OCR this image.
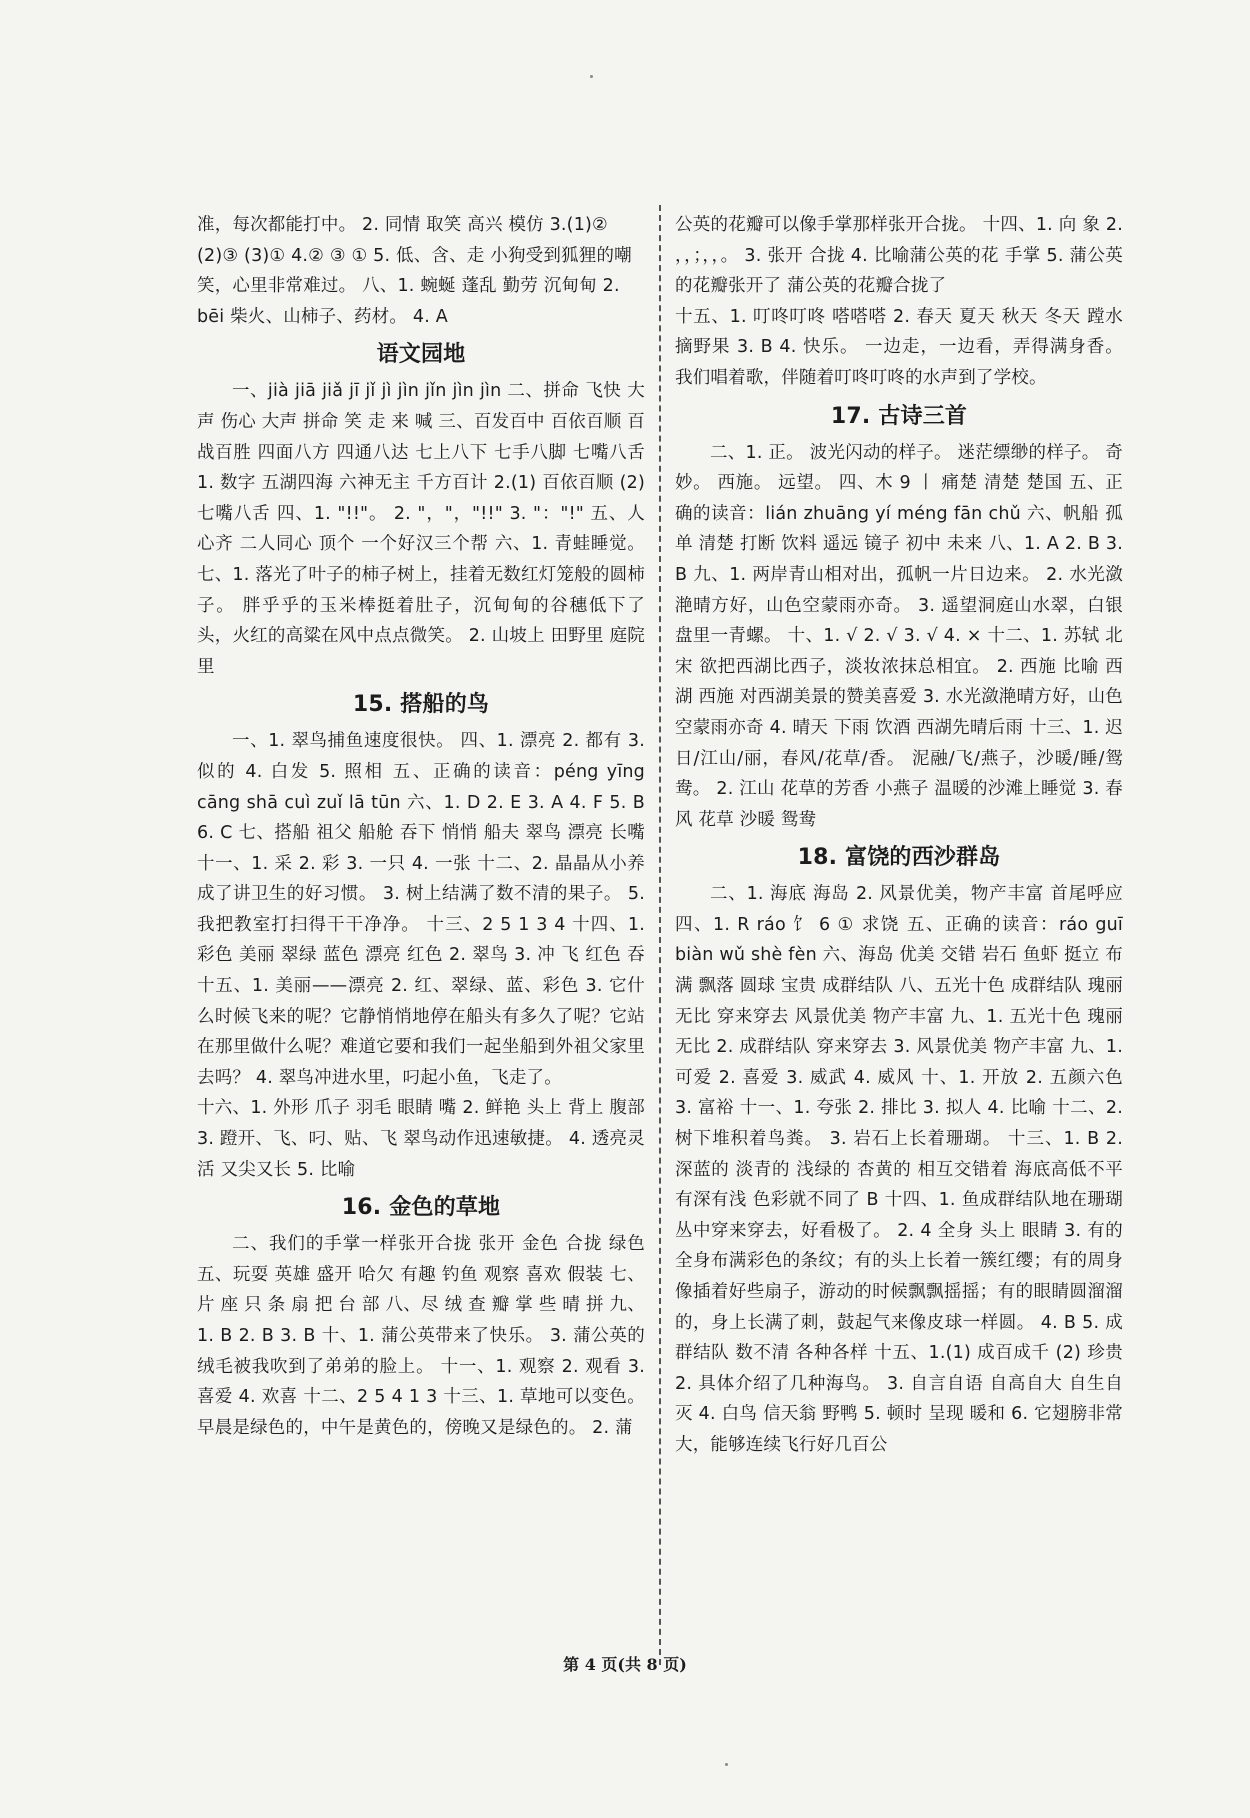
准，每次都能打中。 2. 同情 取笑 高兴 模仿 3.(1)② (2)③ (3)① 4.② ③ ① 5. 低、含、走 小狗受到狐狸的嘲笑，心里非常难过。 八、1. 蜿蜒 蓬乱 勤劳 沉甸甸 2. bēi 柴火、山柿子、药材。 4. A

语文园地

一、jià jiā jiǎ jī jǐ jì jìn jǐn jìn jìn 二、拼命 飞快 大声 伤心 大声 拼命 笑 走 来 喊 三、百发百中 百依百顺 百战百胜 四面八方 四通八达 七上八下 七手八脚 七嘴八舌 1. 数字 五湖四海 六神无主 千方百计 2.(1) 百依百顺 (2) 七嘴八舌 四、1. "!!"。 2. "，"，"!!" 3. "："!" 五、人心齐 二人同心 顶个 一个好汉三个帮 六、1. 青蛙睡觉。 七、1. 落光了叶子的柿子树上，挂着无数红灯笼般的圆柿子。 胖乎乎的玉米棒挺着肚子，沉甸甸的谷穗低下了头，火红的高粱在风中点点微笑。 2. 山坡上 田野里 庭院里

15. 搭船的鸟

一、1. 翠鸟捕鱼速度很快。 四、1. 漂亮 2. 都有 3. 似的 4. 白发 5. 照相 五、正确的读音：péng yīng cāng shā cuì zuǐ lā tūn 六、1. D 2. E 3. A 4. F 5. B 6. C 七、搭船 祖父 船舱 吞下 悄悄 船夫 翠鸟 漂亮 长嘴 十一、1. 采 2. 彩 3. 一只 4. 一张 十二、2. 晶晶从小养成了讲卫生的好习惯。 3. 树上结满了数不清的果子。 5. 我把教室打扫得干干净净。 十三、2 5 1 3 4 十四、1. 彩色 美丽 翠绿 蓝色 漂亮 红色 2. 翠鸟 3. 冲 飞 红色 吞 十五、1. 美丽——漂亮 2. 红、翠绿、蓝、彩色 3. 它什么时候飞来的呢？它静悄悄地停在船头有多久了呢？它站在那里做什么呢？难道它要和我们一起坐船到外祖父家里去吗？ 4. 翠鸟冲进水里，叼起小鱼，飞走了。

十六、1. 外形 爪子 羽毛 眼睛 嘴 2. 鲜艳 头上 背上 腹部 3. 蹬开、飞、叼、贴、飞 翠鸟动作迅速敏捷。 4. 透亮灵活 又尖又长 5. 比喻

16. 金色的草地

二、我们的手掌一样张开合拢 张开 金色 合拢 绿色 五、玩耍 英雄 盛开 哈欠 有趣 钓鱼 观察 喜欢 假装 七、片 座 只 条 扇 把 台 部 八、尽 绒 查 瓣 掌 些 晴 拼 九、1. B 2. B 3. B 十、1. 蒲公英带来了快乐。 3. 蒲公英的绒毛被我吹到了弟弟的脸上。 十一、1. 观察 2. 观看 3. 喜爱 4. 欢喜 十二、2 5 4 1 3 十三、1. 草地可以变色。早晨是绿色的，中午是黄色的，傍晚又是绿色的。 2. 蒲

公英的花瓣可以像手掌那样张开合拢。 十四、1. 向 象 2. ，，；，，。 3. 张开 合拢 4. 比喻蒲公英的花 手掌 5. 蒲公英的花瓣张开了 蒲公英的花瓣合拢了

十五、1. 叮咚叮咚 嗒嗒嗒 2. 春天 夏天 秋天 冬天 蹚水 摘野果 3. B 4. 快乐。 一边走，一边看，弄得满身香。 我们唱着歌，伴随着叮咚叮咚的水声到了学校。

17. 古诗三首

二、1. 正。 波光闪动的样子。 迷茫缥缈的样子。 奇妙。 西施。 远望。 四、木 9 丨 痛楚 清楚 楚国 五、正确的读音：lián zhuāng yí méng fān chǔ 六、帆船 孤单 清楚 打断 饮料 遥远 镜子 初中 未来 八、1. A 2. B 3. B 九、1. 两岸青山相对出，孤帆一片日边来。 2. 水光潋滟晴方好，山色空蒙雨亦奇。 3. 遥望洞庭山水翠，白银盘里一青螺。 十、1. √ 2. √ 3. √ 4. × 十二、1. 苏轼 北宋 欲把西湖比西子，淡妆浓抹总相宜。 2. 西施 比喻 西湖 西施 对西湖美景的赞美喜爱 3. 水光潋滟晴方好，山色空蒙雨亦奇 4. 晴天 下雨 饮酒 西湖先晴后雨 十三、1. 迟日/江山/丽，春风/花草/香。 泥融/飞/燕子，沙暖/睡/鸳鸯。 2. 江山 花草的芳香 小燕子 温暖的沙滩上睡觉 3. 春风 花草 沙暖 鸳鸯

18. 富饶的西沙群岛

二、1. 海底 海岛 2. 风景优美，物产丰富 首尾呼应 四、1. R ráo 饣 6 ① 求饶 五、正确的读音：ráo guī biàn wǔ shè fèn 六、海岛 优美 交错 岩石 鱼虾 挺立 布满 飘落 圆球 宝贵 成群结队 八、五光十色 成群结队 瑰丽无比 穿来穿去 风景优美 物产丰富 九、1. 五光十色 瑰丽无比 2. 成群结队 穿来穿去 3. 风景优美 物产丰富 九、1. 可爱 2. 喜爱 3. 威武 4. 威风 十、1. 开放 2. 五颜六色 3. 富裕 十一、1. 夸张 2. 排比 3. 拟人 4. 比喻 十二、2. 树下堆积着鸟粪。 3. 岩石上长着珊瑚。 十三、1. B 2. 深蓝的 淡青的 浅绿的 杏黄的 相互交错着 海底高低不平 有深有浅 色彩就不同了 B 十四、1. 鱼成群结队地在珊瑚丛中穿来穿去，好看极了。 2. 4 全身 头上 眼睛 3. 有的全身布满彩色的条纹；有的头上长着一簇红缨；有的周身像插着好些扇子，游动的时候飘飘摇摇；有的眼睛圆溜溜的，身上长满了刺，鼓起气来像皮球一样圆。 4. B 5. 成群结队 数不清 各种各样 十五、1.(1) 成百成千 (2) 珍贵 2. 具体介绍了几种海鸟。 3. 自言自语 自高自大 自生自灭 4. 白鸟 信天翁 野鸭 5. 顿时 呈现 暖和 6. 它翅膀非常大，能够连续飞行好几百公

第 4 页(共 8 页)
